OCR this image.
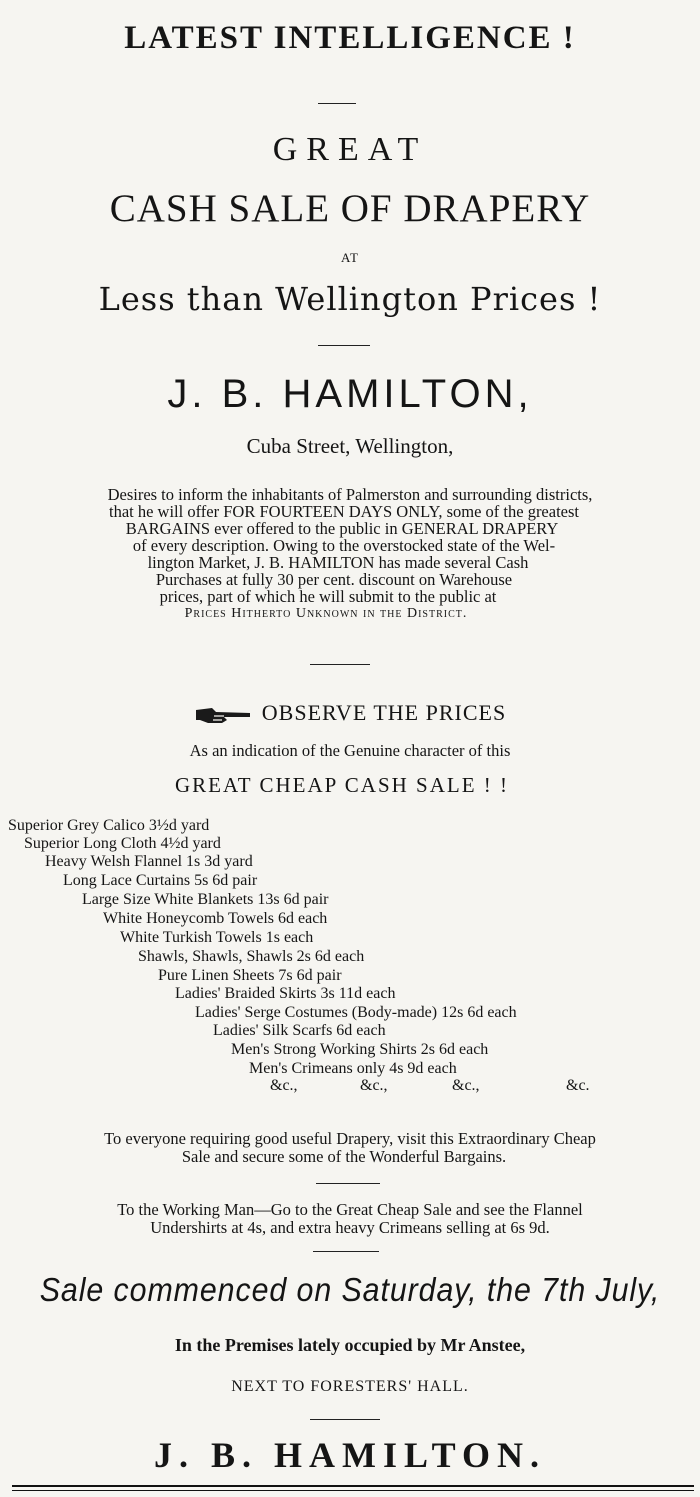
LATEST INTELLIGENCE !
GREAT
CASH SALE OF DRAPERY
AT
Less than Wellington Prices !
J. B. HAMILTON,
Cuba Street, Wellington,
Desires to inform the inhabitants of Palmerston and surrounding districts,
that he will offer FOR FOURTEEN DAYS ONLY, some of the greatest
BARGAINS ever offered to the public in GENERAL DRAPERY
of every description. Owing to the overstocked state of the Wel-
lington Market, J. B. HAMILTON has made several Cash
Purchases at fully 30 per cent. discount on Warehouse
prices, part of which he will submit to the public at
Prices Hitherto Unknown in the District.
OBSERVE THE PRICES
As an indication of the Genuine character of this
GREAT CHEAP CASH SALE ! !
Superior Grey Calico 3½d yard
Superior Long Cloth 4½d yard
Heavy Welsh Flannel 1s 3d yard
Long Lace Curtains 5s 6d pair
Large Size White Blankets 13s 6d pair
White Honeycomb Towels 6d each
White Turkish Towels 1s each
Shawls, Shawls, Shawls 2s 6d each
Pure Linen Sheets 7s 6d pair
Ladies' Braided Skirts 3s 11d each
Ladies' Serge Costumes (Body-made) 12s 6d each
Ladies' Silk Scarfs 6d each
Men's Strong Working Shirts 2s 6d each
Men's Crimeans only 4s 9d each
&c.,	&c.,	&c.,	&c.
To everyone requiring good useful Drapery, visit this Extraordinary Cheap
Sale and secure some of the Wonderful Bargains.
To the Working Man—Go to the Great Cheap Sale and see the Flannel
Undershirts at 4s, and extra heavy Crimeans selling at 6s 9d.
Sale commenced on Saturday, the 7th July,
In the Premises lately occupied by Mr Anstee,
NEXT TO FORESTERS' HALL.
J. B. HAMILTON.
